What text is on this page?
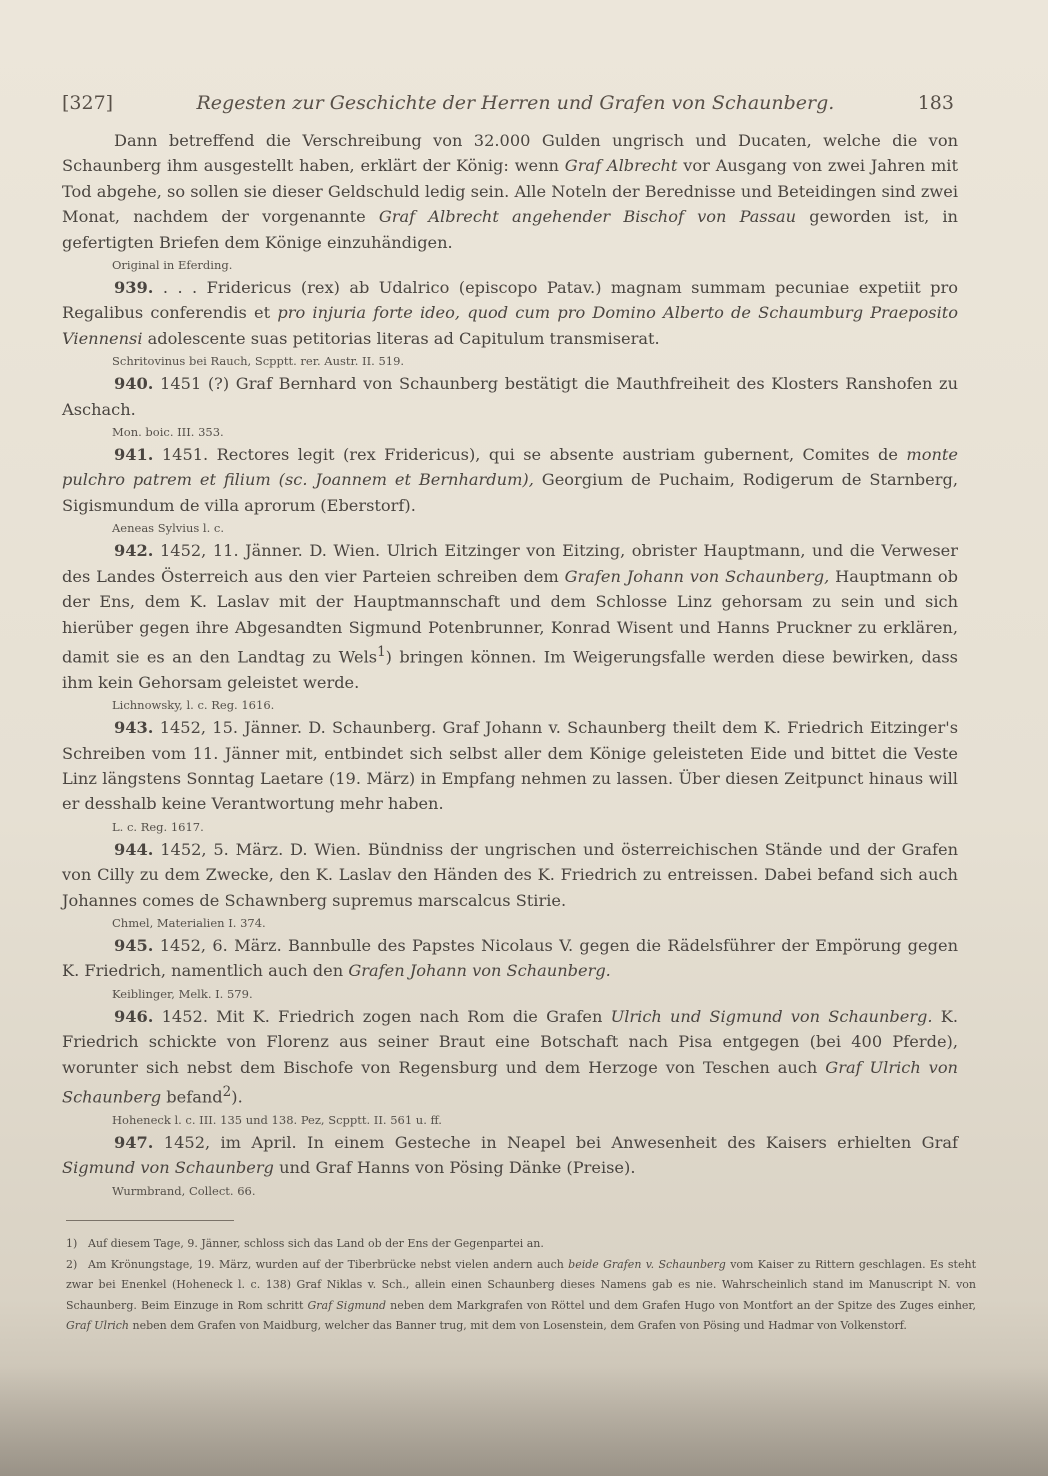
[327]	Regesten zur Geschichte der Herren und Grafen von Schaunberg.	183

Dann betreffend die Verschreibung von 32.000 Gulden ungrisch und Ducaten, welche die von Schaunberg ihm ausgestellt haben, erklärt der König: wenn Graf Albrecht vor Ausgang von zwei Jahren mit Tod abgehe, so sollen sie dieser Geldschuld ledig sein. Alle Noteln der Berednisse und Beteidingen sind zwei Monat, nachdem der vorgenannte Graf Albrecht angehender Bischof von Passau geworden ist, in gefertigten Briefen dem Könige einzuhändigen.

Original in Eferding.

939. . . . Fridericus (rex) ab Udalrico (episcopo Patav.) magnam summam pecuniae expetiit pro Regalibus conferendis et pro injuria forte ideo, quod cum pro Domino Alberto de Schaumburg Praeposito Viennensi adolescente suas petitorias literas ad Capitulum transmiserat.

Schritovinus bei Rauch, Scpptt. rer. Austr. II. 519.

940. 1451 (?) Graf Bernhard von Schaunberg bestätigt die Mauthfreiheit des Klosters Ranshofen zu Aschach.

Mon. boic. III. 353.

941. 1451. Rectores legit (rex Fridericus), qui se absente austriam gubernent, Comites de monte pulchro patrem et filium (sc. Joannem et Bernhardum), Georgium de Puchaim, Rodigerum de Starnberg, Sigismundum de villa aprorum (Eberstorf).

Aeneas Sylvius l. c.

942. 1452, 11. Jänner. D. Wien. Ulrich Eitzinger von Eitzing, obrister Hauptmann, und die Verweser des Landes Österreich aus den vier Parteien schreiben dem Grafen Johann von Schaunberg, Hauptmann ob der Ens, dem K. Laslav mit der Hauptmannschaft und dem Schlosse Linz gehorsam zu sein und sich hierüber gegen ihre Abgesandten Sigmund Potenbrunner, Konrad Wisent und Hanns Pruckner zu erklären, damit sie es an den Landtag zu Wels$^1$) bringen können. Im Weigerungsfalle werden diese bewirken, dass ihm kein Gehorsam geleistet werde.

Lichnowsky, l. c. Reg. 1616.

943. 1452, 15. Jänner. D. Schaunberg. Graf Johann v. Schaunberg theilt dem K. Friedrich Eitzinger's Schreiben vom 11. Jänner mit, entbindet sich selbst aller dem Könige geleisteten Eide und bittet die Veste Linz längstens Sonntag Laetare (19. März) in Empfang nehmen zu lassen. Über diesen Zeitpunct hinaus will er desshalb keine Verantwortung mehr haben.

L. c. Reg. 1617.

944. 1452, 5. März. D. Wien. Bündniss der ungrischen und österreichischen Stände und der Grafen von Cilly zu dem Zwecke, den K. Laslav den Händen des K. Friedrich zu entreissen. Dabei befand sich auch Johannes comes de Schawnberg supremus marscalcus Stirie.

Chmel, Materialien I. 374.

945. 1452, 6. März. Bannbulle des Papstes Nicolaus V. gegen die Rädelsführer der Empörung gegen K. Friedrich, namentlich auch den Grafen Johann von Schaunberg.

Keiblinger, Melk. I. 579.

946. 1452. Mit K. Friedrich zogen nach Rom die Grafen Ulrich und Sigmund von Schaunberg. K. Friedrich schickte von Florenz aus seiner Braut eine Botschaft nach Pisa entgegen (bei 400 Pferde), worunter sich nebst dem Bischofe von Regensburg und dem Herzoge von Teschen auch Graf Ulrich von Schaunberg befand$^2$).

Hoheneck l. c. III. 135 und 138. Pez, Scpptt. II. 561 u. ff.

947. 1452, im April. In einem Gesteche in Neapel bei Anwesenheit des Kaisers erhielten Graf Sigmund von Schaunberg und Graf Hanns von Pösing Dänke (Preise).

Wurmbrand, Collect. 66.

1) Auf diesem Tage, 9. Jänner, schloss sich das Land ob der Ens der Gegenpartei an.

2) Am Krönungstage, 19. März, wurden auf der Tiberbrücke nebst vielen andern auch beide Grafen v. Schaunberg vom Kaiser zu Rittern geschlagen. Es steht zwar bei Enenkel (Hoheneck l. c. 138) Graf Niklas v. Sch., allein einen Schaunberg dieses Namens gab es nie. Wahrscheinlich stand im Manuscript N. von Schaunberg. Beim Einzuge in Rom schritt Graf Sigmund neben dem Markgrafen von Röttel und dem Grafen Hugo von Montfort an der Spitze des Zuges einher, Graf Ulrich neben dem Grafen von Maidburg, welcher das Banner trug, mit dem von Losenstein, dem Grafen von Pösing und Hadmar von Volkenstorf.
